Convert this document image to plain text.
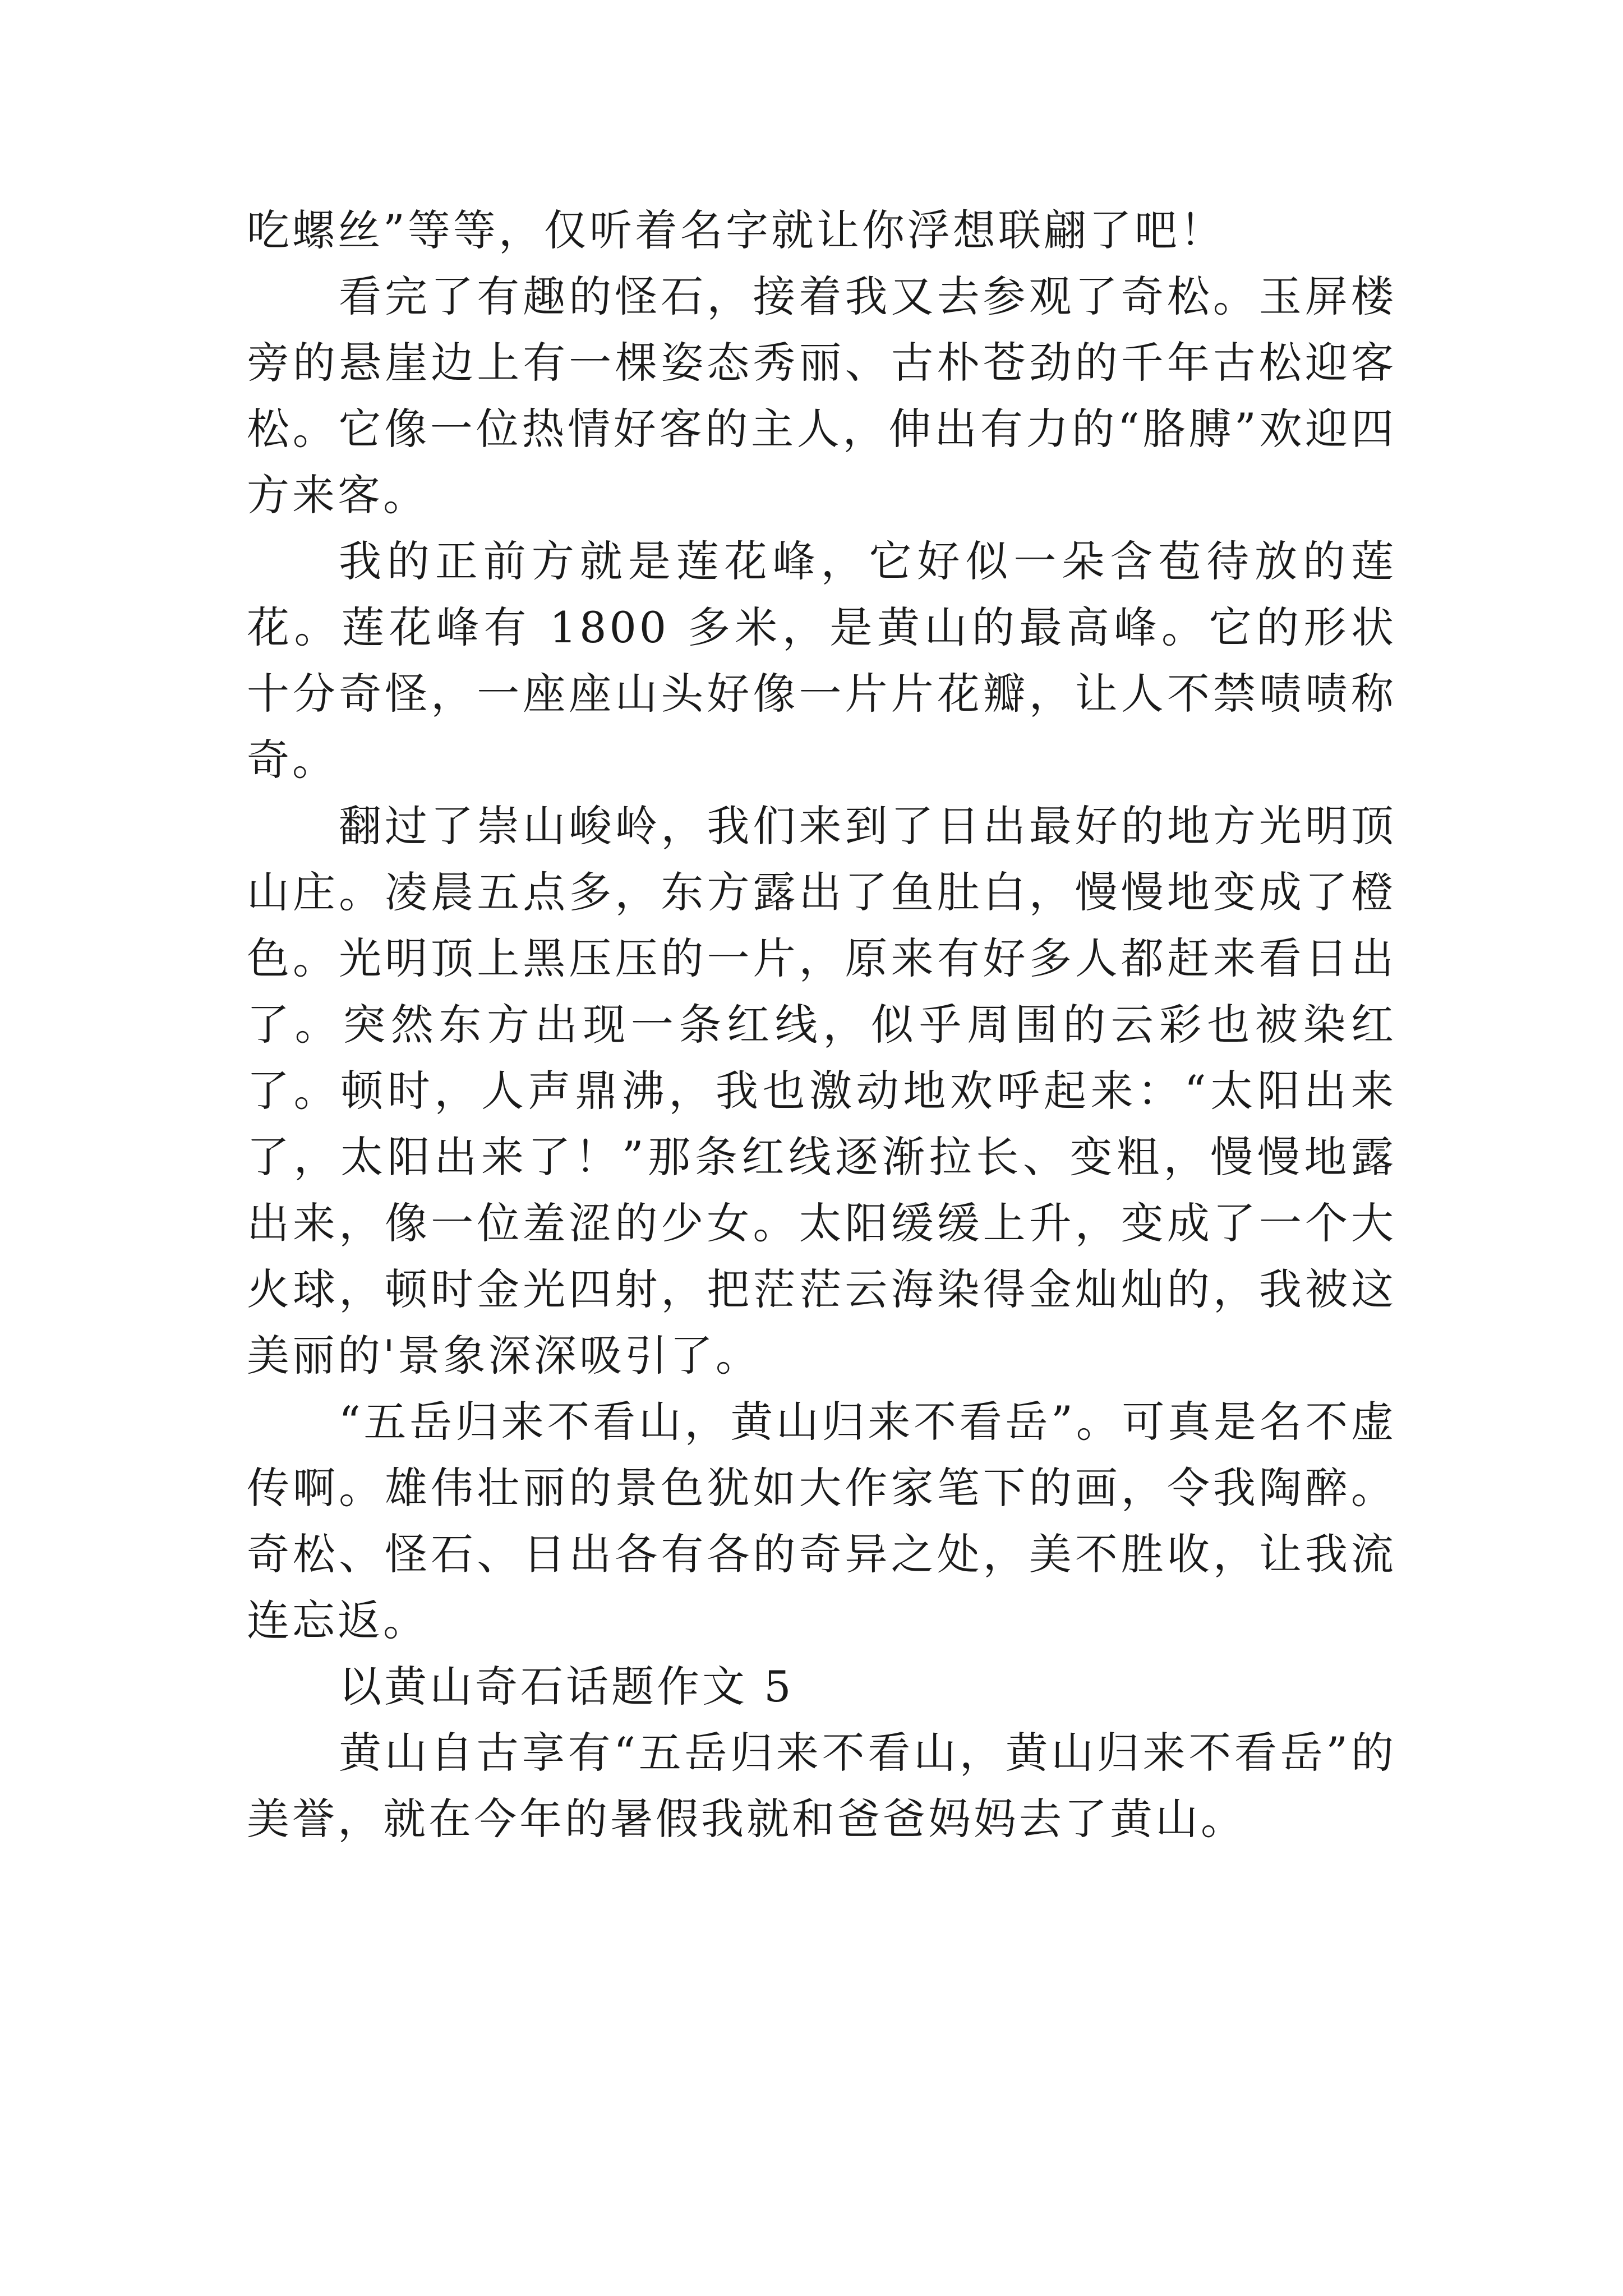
吃螺丝”等等，仅听着名字就让你浮想联翩了吧！

看完了有趣的怪石，接着我又去参观了奇松。玉屏楼旁的悬崖边上有一棵姿态秀丽、古朴苍劲的千年古松迎客松。它像一位热情好客的主人，伸出有力的“胳膊”欢迎四方来客。

我的正前方就是莲花峰，它好似一朵含苞待放的莲花。莲花峰有 1800 多米，是黄山的最高峰。它的形状十分奇怪，一座座山头好像一片片花瓣，让人不禁啧啧称奇。

翻过了崇山峻岭，我们来到了日出最好的地方光明顶山庄。凌晨五点多，东方露出了鱼肚白，慢慢地变成了橙色。光明顶上黑压压的一片，原来有好多人都赶来看日出了。突然东方出现一条红线，似乎周围的云彩也被染红了。顿时，人声鼎沸，我也激动地欢呼起来：“太阳出来了，太阳出来了！”那条红线逐渐拉长、变粗，慢慢地露出来，像一位羞涩的少女。太阳缓缓上升，变成了一个大火球，顿时金光四射，把茫茫云海染得金灿灿的，我被这美丽的'景象深深吸引了。

“五岳归来不看山，黄山归来不看岳”。可真是名不虚传啊。雄伟壮丽的景色犹如大作家笔下的画，令我陶醉。奇松、怪石、日出各有各的奇异之处，美不胜收，让我流连忘返。

以黄山奇石话题作文 5

黄山自古享有“五岳归来不看山，黄山归来不看岳”的美誉，就在今年的暑假我就和爸爸妈妈去了黄山。
